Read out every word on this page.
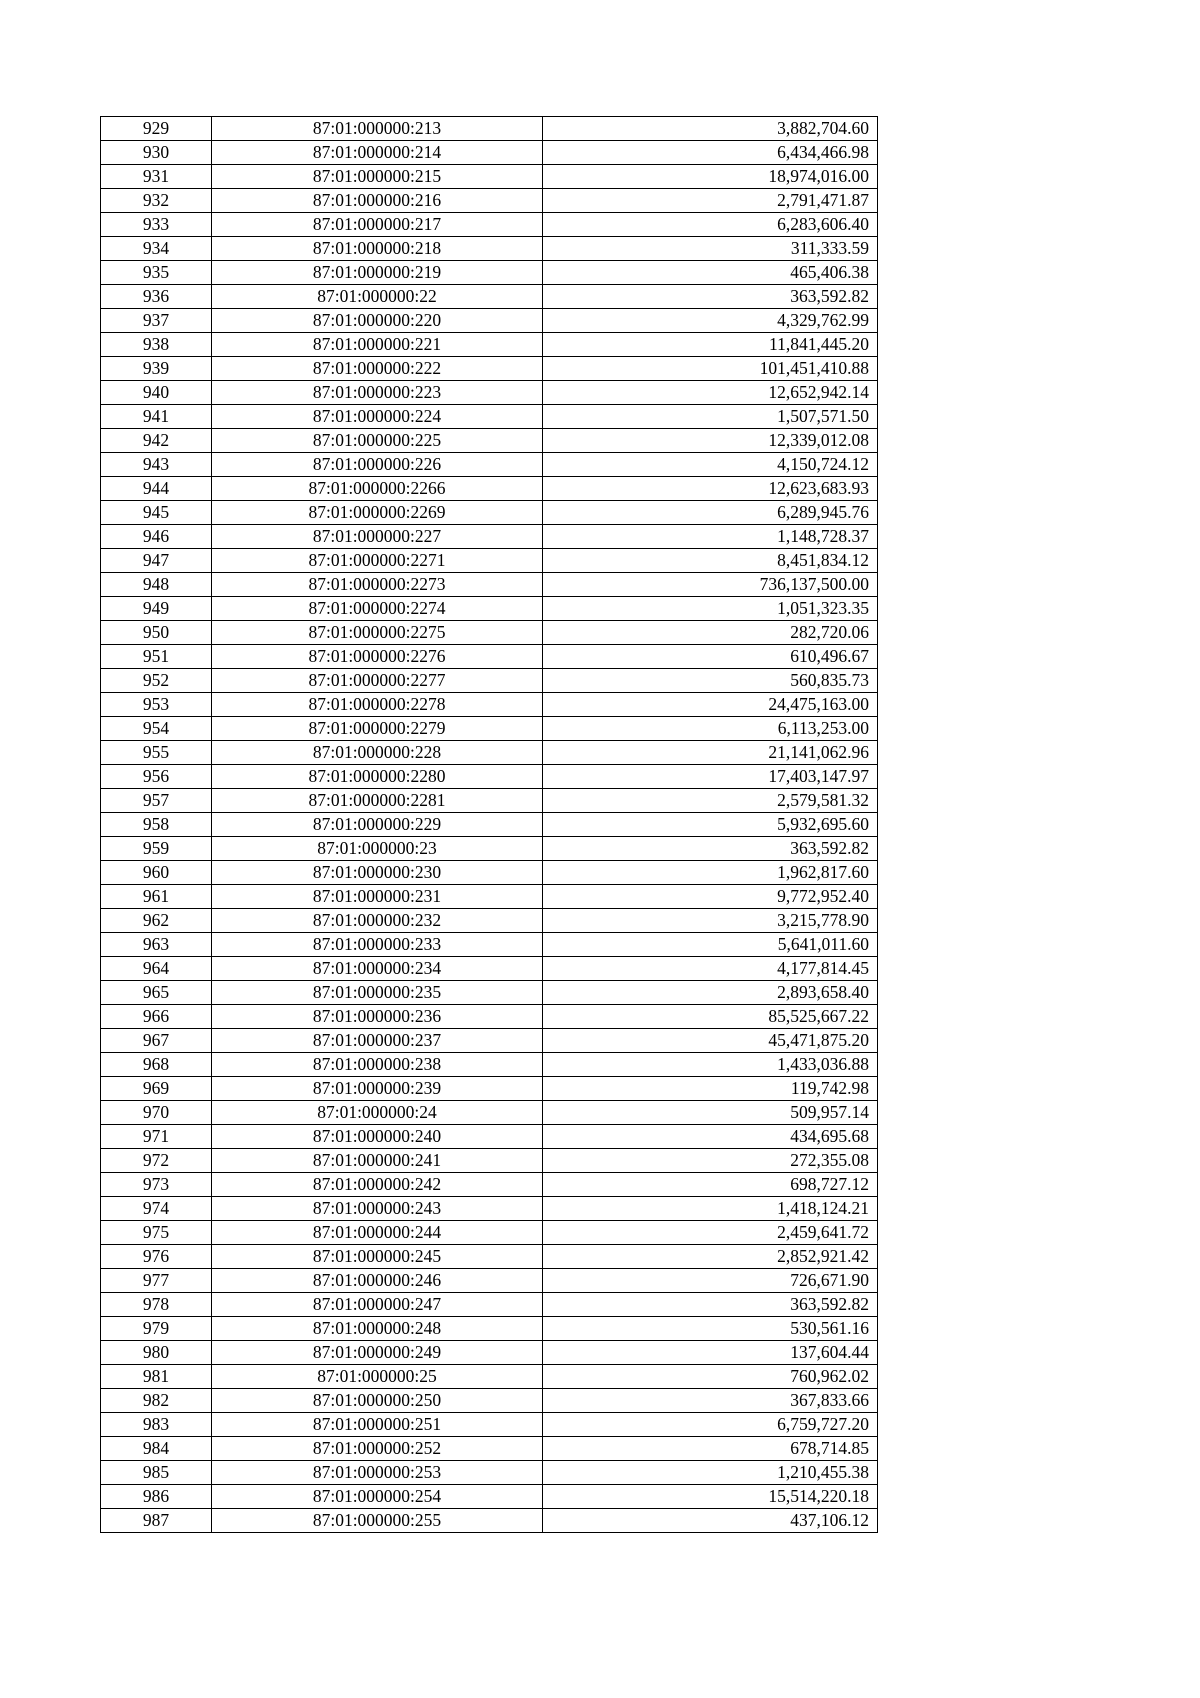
929	87:01:000000:213	3,882,704.60
930	87:01:000000:214	6,434,466.98
931	87:01:000000:215	18,974,016.00
932	87:01:000000:216	2,791,471.87
933	87:01:000000:217	6,283,606.40
934	87:01:000000:218	311,333.59
935	87:01:000000:219	465,406.38
936	87:01:000000:22	363,592.82
937	87:01:000000:220	4,329,762.99
938	87:01:000000:221	11,841,445.20
939	87:01:000000:222	101,451,410.88
940	87:01:000000:223	12,652,942.14
941	87:01:000000:224	1,507,571.50
942	87:01:000000:225	12,339,012.08
943	87:01:000000:226	4,150,724.12
944	87:01:000000:2266	12,623,683.93
945	87:01:000000:2269	6,289,945.76
946	87:01:000000:227	1,148,728.37
947	87:01:000000:2271	8,451,834.12
948	87:01:000000:2273	736,137,500.00
949	87:01:000000:2274	1,051,323.35
950	87:01:000000:2275	282,720.06
951	87:01:000000:2276	610,496.67
952	87:01:000000:2277	560,835.73
953	87:01:000000:2278	24,475,163.00
954	87:01:000000:2279	6,113,253.00
955	87:01:000000:228	21,141,062.96
956	87:01:000000:2280	17,403,147.97
957	87:01:000000:2281	2,579,581.32
958	87:01:000000:229	5,932,695.60
959	87:01:000000:23	363,592.82
960	87:01:000000:230	1,962,817.60
961	87:01:000000:231	9,772,952.40
962	87:01:000000:232	3,215,778.90
963	87:01:000000:233	5,641,011.60
964	87:01:000000:234	4,177,814.45
965	87:01:000000:235	2,893,658.40
966	87:01:000000:236	85,525,667.22
967	87:01:000000:237	45,471,875.20
968	87:01:000000:238	1,433,036.88
969	87:01:000000:239	119,742.98
970	87:01:000000:24	509,957.14
971	87:01:000000:240	434,695.68
972	87:01:000000:241	272,355.08
973	87:01:000000:242	698,727.12
974	87:01:000000:243	1,418,124.21
975	87:01:000000:244	2,459,641.72
976	87:01:000000:245	2,852,921.42
977	87:01:000000:246	726,671.90
978	87:01:000000:247	363,592.82
979	87:01:000000:248	530,561.16
980	87:01:000000:249	137,604.44
981	87:01:000000:25	760,962.02
982	87:01:000000:250	367,833.66
983	87:01:000000:251	6,759,727.20
984	87:01:000000:252	678,714.85
985	87:01:000000:253	1,210,455.38
986	87:01:000000:254	15,514,220.18
987	87:01:000000:255	437,106.12
